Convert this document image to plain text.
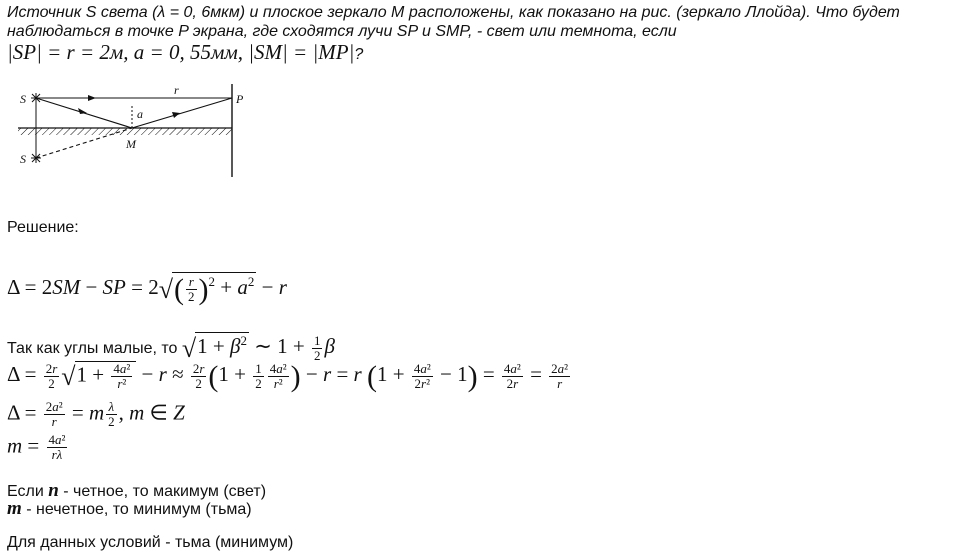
Источник S света (λ = 0, 6мкм) и плоское зеркало M расположены, как показано на рис. (зеркало Ллойда). Что будет
наблюдаться в точке P экрана, где сходятся лучи SP и SMP, - свет или темнота, если
|SP| = r = 2м, a = 0, 55мм, |SM| = |MP|?
S
S
P
r
a
M
Решение:
Δ = 2SM − SP = $2√( \frac{r}{2} )^2 + a^2 - r$
Так как углы малые, то $√1 + \beta^2$ ∼ $1 + \frac{1}{2}$ β
$\Delta = \frac{2r}{2} √1 + \frac{\text{4a²}}{\text{r²}} - r \approx \frac{2r}{2} (1 + \frac{1}{2} \frac{\text{4a²}}{\text{r²}}$ ) − r = r $(1 + \frac{\text{4a²}}{\text{2r²}} - 1) = \frac{\text{4a²}}{2r} = \frac{\text{2a²}}{r}$
$\Delta = \frac{\text{2a²}}{r} = m \frac{\lambda}{2}$ , m ∈ Z
$m = \frac{\text{4a²}}{r\lambda}$
Если n - четное, то макимум (свет)
m - нечетное, то минимум (тьма)
Для данных условий - тьма (минимум)
